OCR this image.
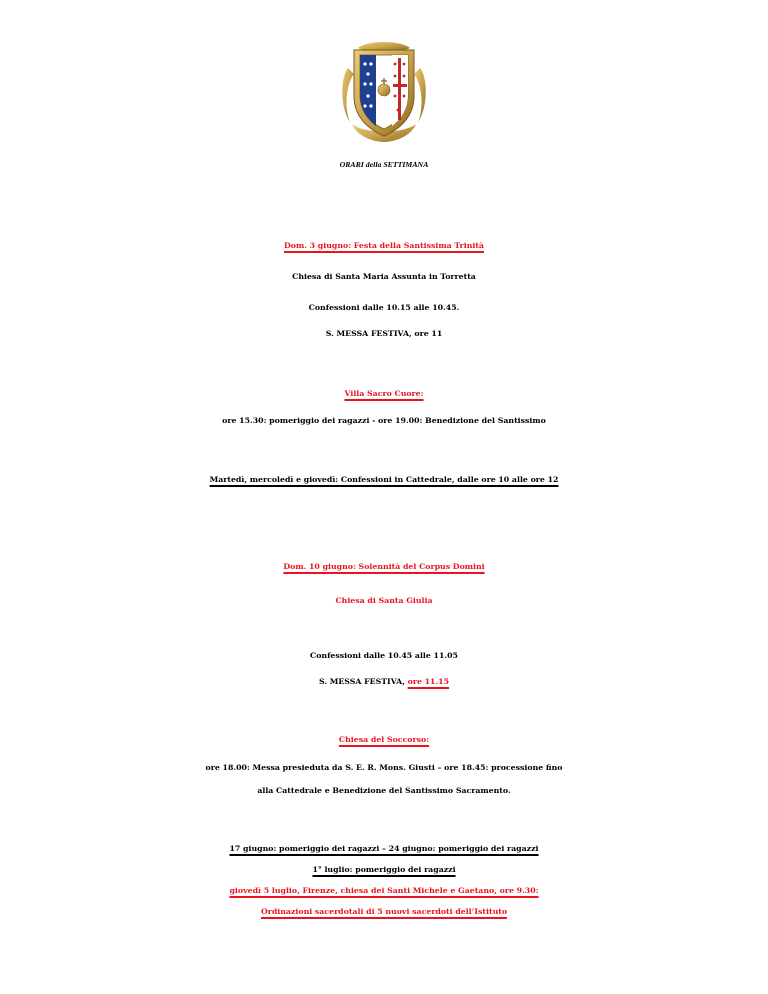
ORARI della SETTIMANA
Dom. 3 giugno: Festa della Santissima Trinità
Chiesa di Santa Maria Assunta in Torretta
Confessioni dalle 10.15 alle 10.45.
S. MESSA FESTIVA, ore 11
Villa Sacro Cuore:
ore 15.30: pomeriggio dei ragazzi - ore 19.00: Benedizione del Santissimo
Martedì, mercoledì e giovedì: Confessioni in Cattedrale, dalle ore 10 alle ore 12
Dom. 10 giugno: Solennità del Corpus Domini
Chiesa di Santa Giulia
Confessioni dalle 10.45 alle 11.05
S. MESSA FESTIVA, ore 11.15
Chiesa del Soccorso:
ore 18.00: Messa presieduta da S. E. R. Mons. Giusti – ore 18.45: processione fino
alla Cattedrale e Benedizione del Santissimo Sacramento.
17 giugno: pomeriggio dei ragazzi – 24 giugno: pomeriggio dei ragazzi
1° luglio: pomeriggio dei ragazzi
giovedì 5 luglio, Firenze, chiesa dei Santi Michele e Gaetano, ore 9.30:
Ordinazioni sacerdotali di 5 nuovi sacerdoti dell’Istituto
